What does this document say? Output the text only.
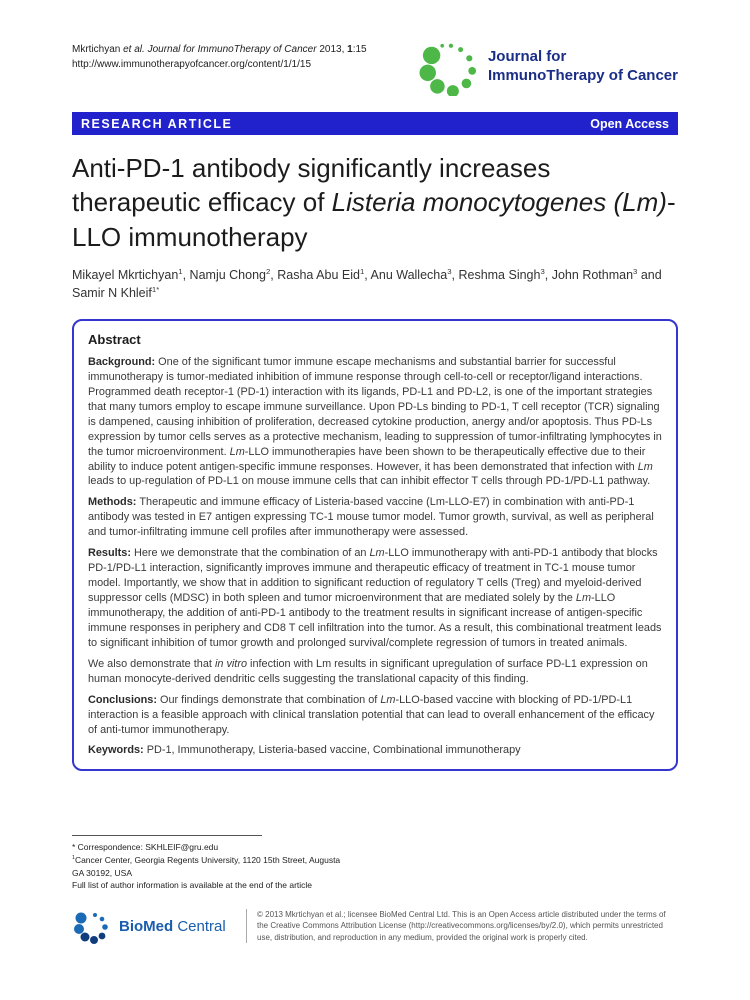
Mkrtichyan et al. Journal for ImmunoTherapy of Cancer 2013, 1:15
http://www.immunotherapyofcancer.org/content/1/1/15	Journal for
ImmunoTherapy of Cancer
RESEARCH ARTICLE	Open Access
Anti-PD-1 antibody significantly increases therapeutic efficacy of Listeria monocytogenes (Lm)-LLO immunotherapy
Mikayel Mkrtichyan$^1$, Namju Chong$^2$, Rasha Abu Eid$^1$, Anu Wallecha$^3$, Reshma Singh$^3$, John Rothman$^3$ and Samir N Khleif$^{1*}$
Abstract

Background: One of the significant tumor immune escape mechanisms and substantial barrier for successful immunotherapy is tumor-mediated inhibition of immune response through cell-to-cell or receptor/ligand interactions. Programmed death receptor-1 (PD-1) interaction with its ligands, PD-L1 and PD-L2, is one of the important strategies that many tumors employ to escape immune surveillance. Upon PD-Ls binding to PD-1, T cell receptor (TCR) signaling is dampened, causing inhibition of proliferation, decreased cytokine production, anergy and/or apoptosis. Thus PD-Ls expression by tumor cells serves as a protective mechanism, leading to suppression of tumor-infiltrating lymphocytes in the tumor microenvironment. Lm-LLO immunotherapies have been shown to be therapeutically effective due to their ability to induce potent antigen-specific immune responses. However, it has been demonstrated that infection with Lm leads to up-regulation of PD-L1 on mouse immune cells that can inhibit effector T cells through PD-1/PD-L1 pathway.

Methods: Therapeutic and immune efficacy of Listeria-based vaccine (Lm-LLO-E7) in combination with anti-PD-1 antibody was tested in E7 antigen expressing TC-1 mouse tumor model. Tumor growth, survival, as well as peripheral and tumor-infiltrating immune cell profiles after immunotherapy were assessed.

Results: Here we demonstrate that the combination of an Lm-LLO immunotherapy with anti-PD-1 antibody that blocks PD-1/PD-L1 interaction, significantly improves immune and therapeutic efficacy of treatment in TC-1 mouse tumor model. Importantly, we show that in addition to significant reduction of regulatory T cells (Treg) and myeloid-derived suppressor cells (MDSC) in both spleen and tumor microenvironment that are mediated solely by the Lm-LLO immunotherapy, the addition of anti-PD-1 antibody to the treatment results in significant increase of antigen-specific immune responses in periphery and CD8 T cell infiltration into the tumor. As a result, this combinational treatment leads to significant inhibition of tumor growth and prolonged survival/complete regression of tumors in treated animals.

We also demonstrate that in vitro infection with Lm results in significant upregulation of surface PD-L1 expression on human monocyte-derived dendritic cells suggesting the translational capacity of this finding.

Conclusions: Our findings demonstrate that combination of Lm-LLO-based vaccine with blocking of PD-1/PD-L1 interaction is a feasible approach with clinical translation potential that can lead to overall enhancement of the efficacy of anti-tumor immunotherapy.

Keywords: PD-1, Immunotherapy, Listeria-based vaccine, Combinational immunotherapy

* Correspondence: SKHLEIF@gru.edu
$^1$Cancer Center, Georgia Regents University, 1120 15th Street, Augusta
GA 30192, USA
Full list of author information is available at the end of the article
BioMed Central
© 2013 Mkrtichyan et al.; licensee BioMed Central Ltd. This is an Open Access article distributed under the terms of the Creative Commons Attribution License (http://creativecommons.org/licenses/by/2.0), which permits unrestricted use, distribution, and reproduction in any medium, provided the original work is properly cited.
